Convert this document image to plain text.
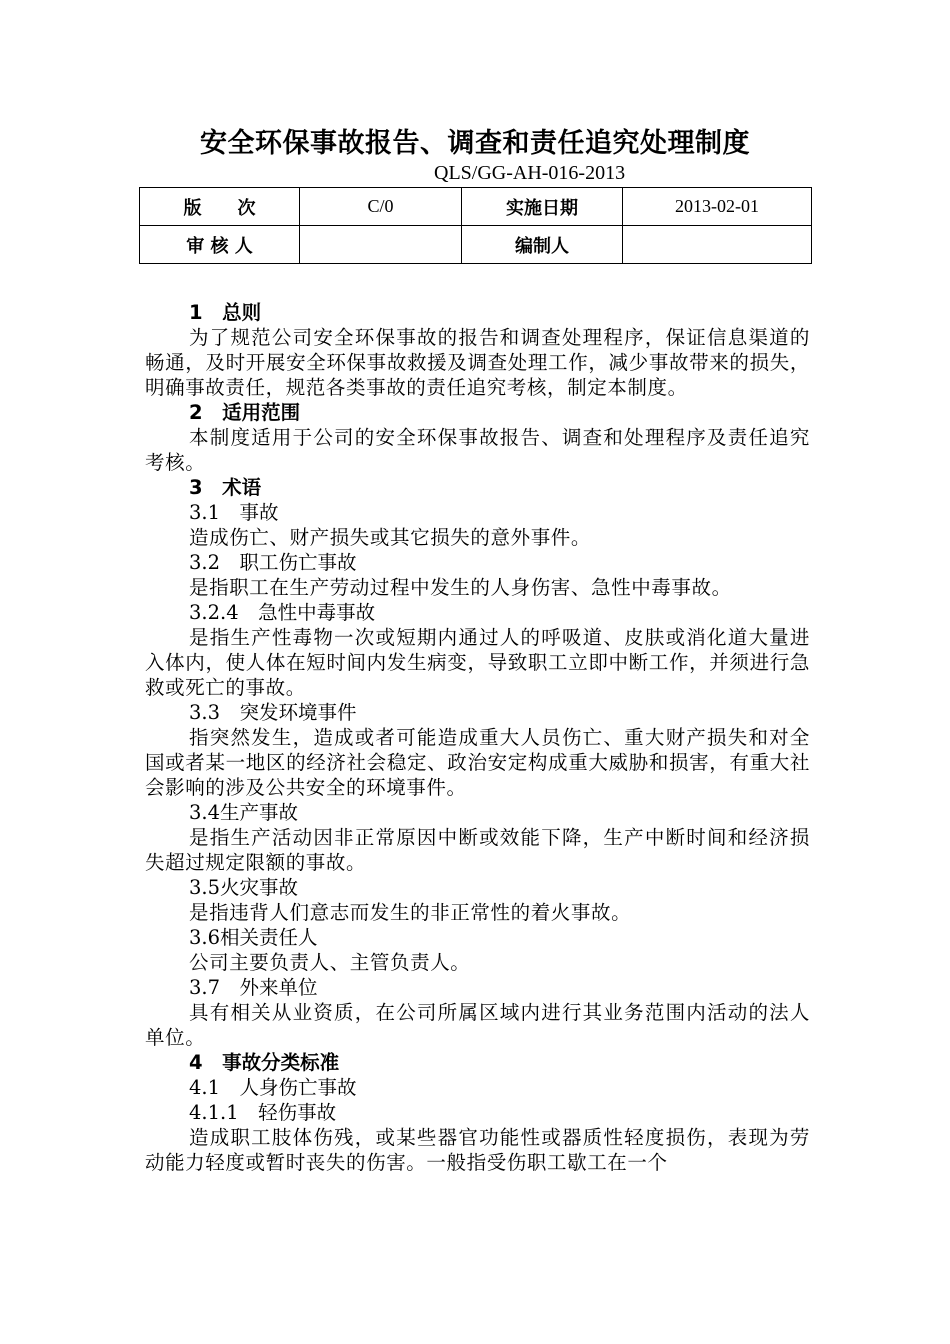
安全环保事故报告、调查和责任追究处理制度
QLS/GG-AH-016-2013
版　　次	C/0	实施日期	2013-02-01
审 核 人		编制人	
1　总则
为了规范公司安全环保事故的报告和调查处理程序，保证信息渠道的畅通，及时开展安全环保事故救援及调查处理工作，减少事故带来的损失，明确事故责任，规范各类事故的责任追究考核，制定本制度。
2　适用范围
本制度适用于公司的安全环保事故报告、调查和处理程序及责任追究考核。
3　术语
3.1　事故
造成伤亡、财产损失或其它损失的意外事件。
3.2　职工伤亡事故
是指职工在生产劳动过程中发生的人身伤害、急性中毒事故。
3.2.4　急性中毒事故
是指生产性毒物一次或短期内通过人的呼吸道、皮肤或消化道大量进入体内，使人体在短时间内发生病变，导致职工立即中断工作，并须进行急救或死亡的事故。
3.3　突发环境事件
指突然发生，造成或者可能造成重大人员伤亡、重大财产损失和对全国或者某一地区的经济社会稳定、政治安定构成重大威胁和损害，有重大社会影响的涉及公共安全的环境事件。
3.4生产事故
是指生产活动因非正常原因中断或效能下降，生产中断时间和经济损失超过规定限额的事故。
3.5火灾事故
是指违背人们意志而发生的非正常性的着火事故。
3.6相关责任人
公司主要负责人、主管负责人。
3.7　外来单位
具有相关从业资质，在公司所属区域内进行其业务范围内活动的法人单位。
4　事故分类标准
4.1　人身伤亡事故
4.1.1　轻伤事故
造成职工肢体伤残，或某些器官功能性或器质性轻度损伤，表现为劳动能力轻度或暂时丧失的伤害。一般指受伤职工歇工在一个
